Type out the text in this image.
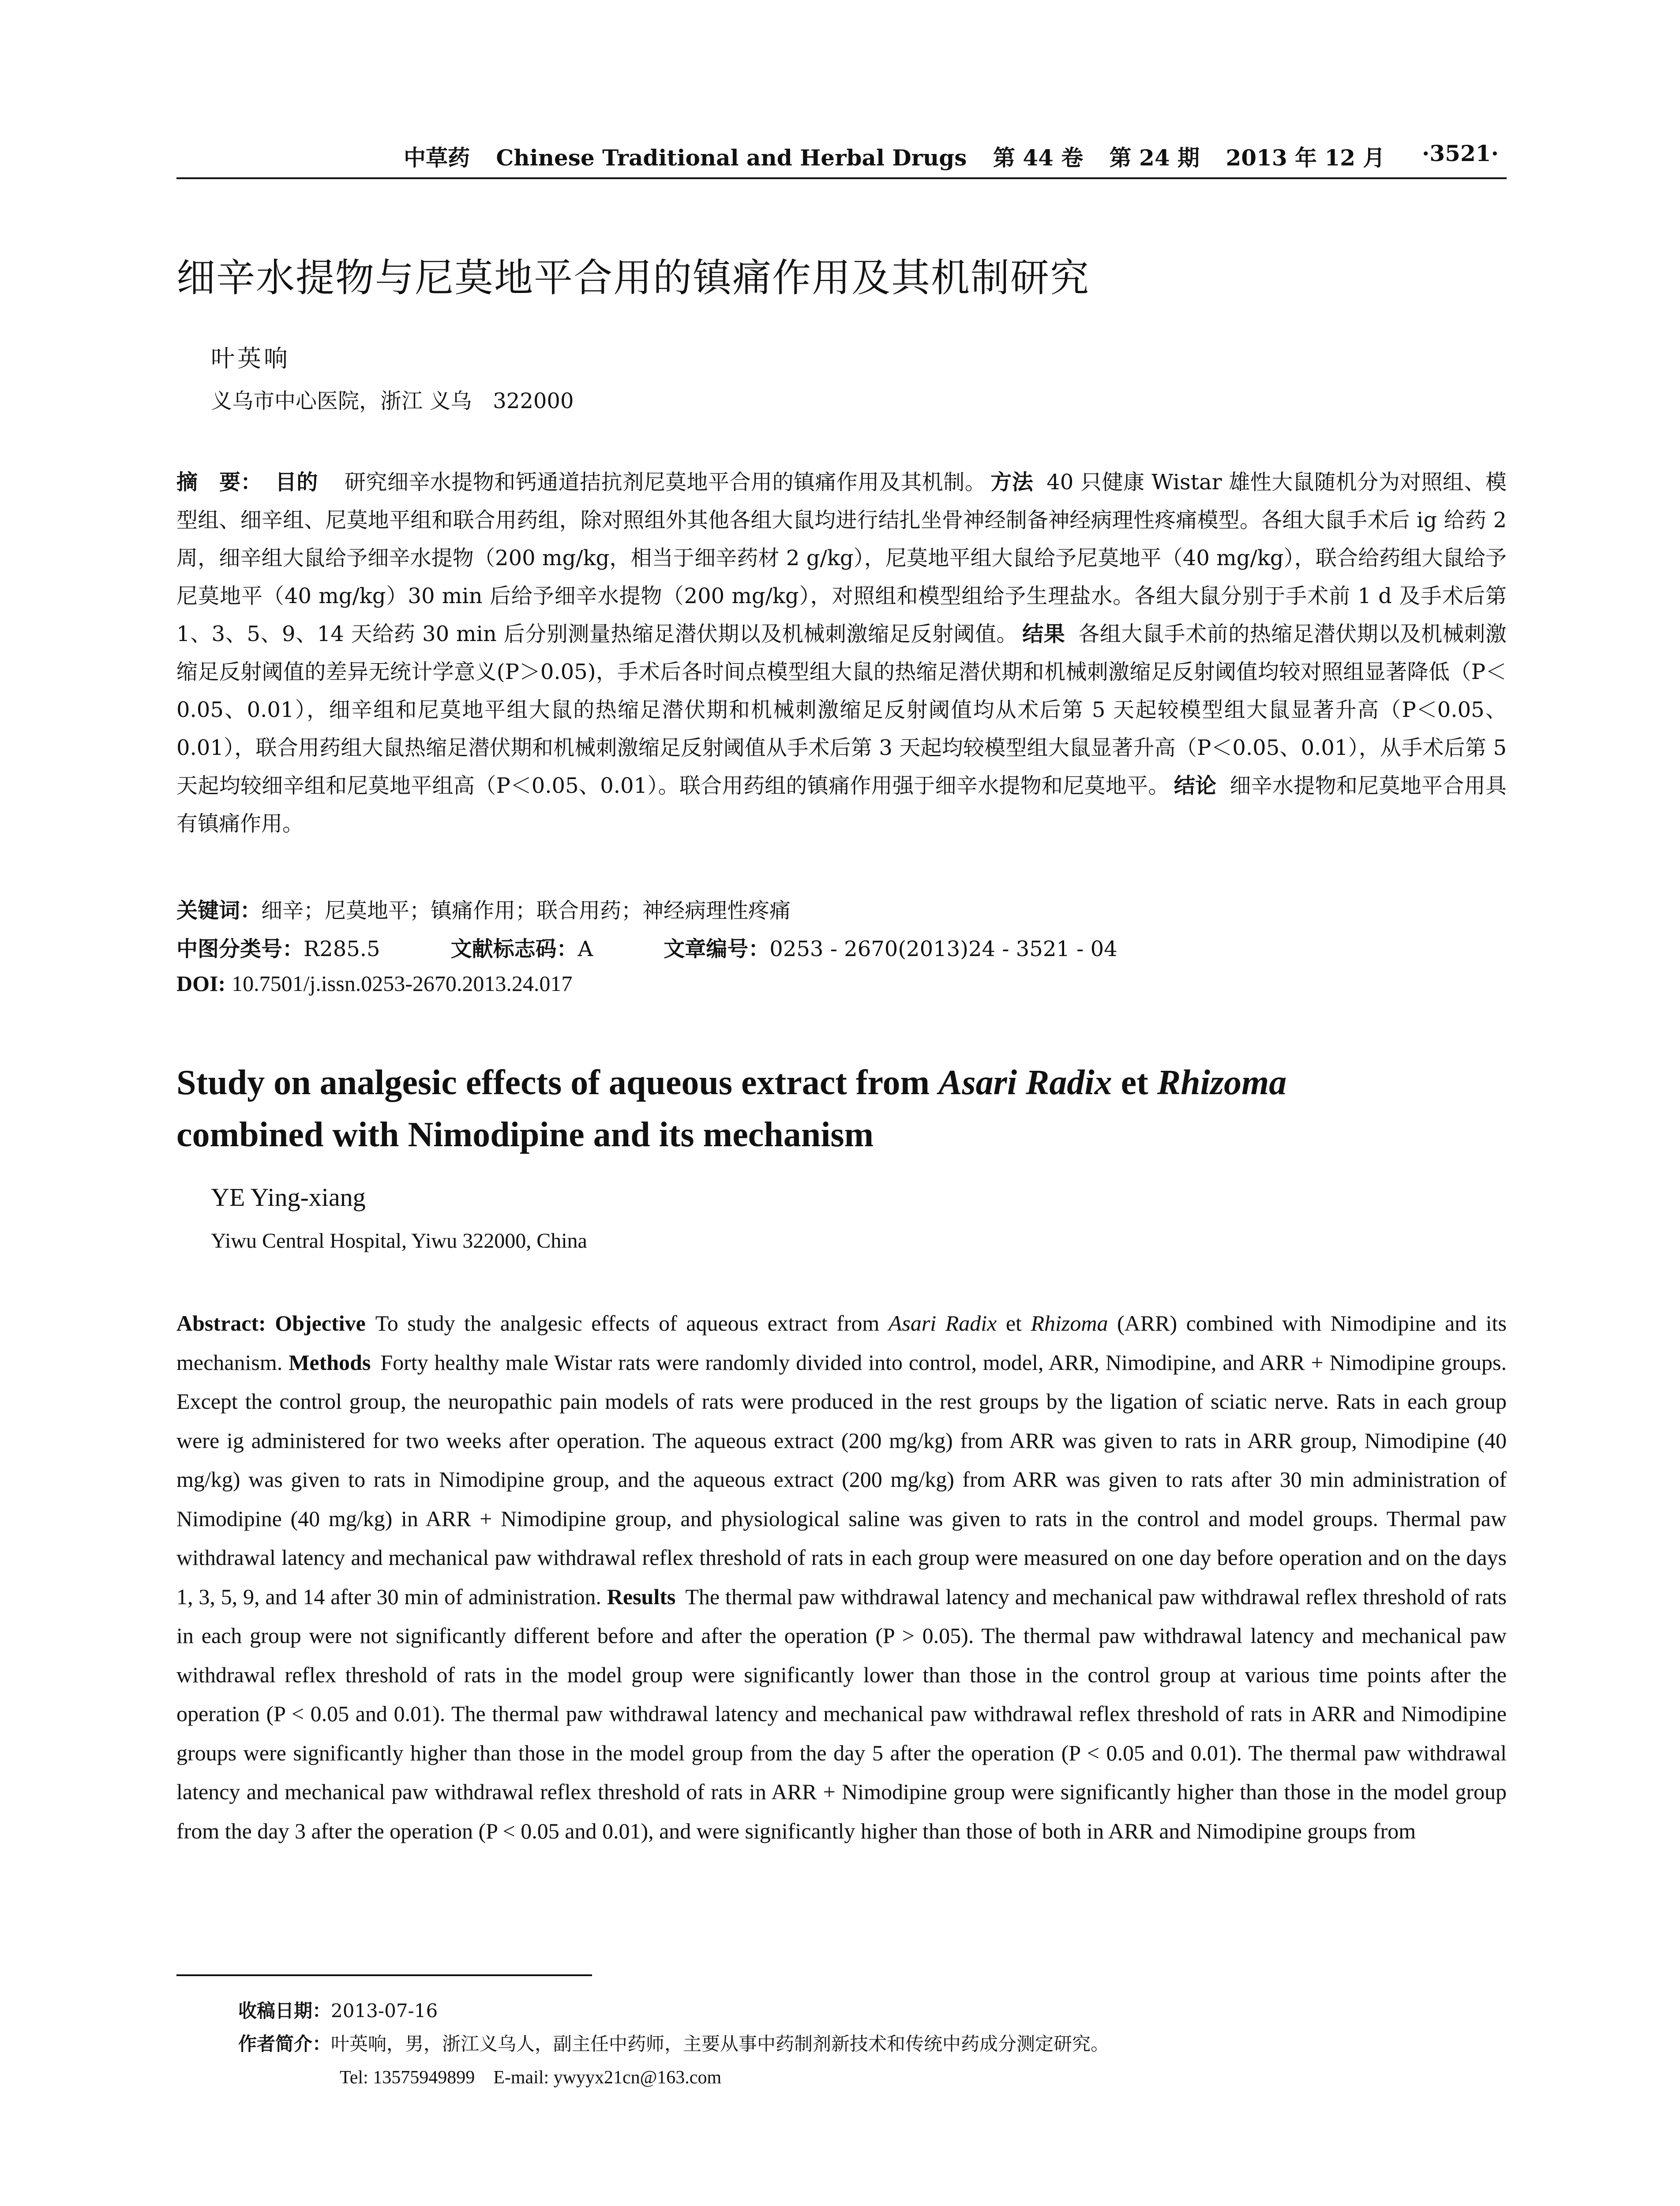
中草药 Chinese Traditional and Herbal Drugs 第 44 卷 第 24 期 2013 年 12 月	·3521·
细辛水提物与尼莫地平合用的镇痛作用及其机制研究
叶英响
义乌市中心医院，浙江 义乌　322000
摘　要： 目的 研究细辛水提物和钙通道拮抗剂尼莫地平合用的镇痛作用及其机制。 方法 40 只健康 Wistar 雄性大鼠随机分为对照组、模型组、细辛组、尼莫地平组和联合用药组，除对照组外其他各组大鼠均进行结扎坐骨神经制备神经病理性疼痛模型。各组大鼠手术后 ig 给药 2 周，细辛组大鼠给予细辛水提物（200 mg/kg，相当于细辛药材 2 g/kg），尼莫地平组大鼠给予尼莫地平（40 mg/kg），联合给药组大鼠给予尼莫地平（40 mg/kg）30 min 后给予细辛水提物（200 mg/kg），对照组和模型组给予生理盐水。各组大鼠分别于手术前 1 d 及手术后第 1、3、5、9、14 天给药 30 min 后分别测量热缩足潜伏期以及机械刺激缩足反射阈值。 结果 各组大鼠手术前的热缩足潜伏期以及机械刺激缩足反射阈值的差异无统计学意义(P＞0.05)，手术后各时间点模型组大鼠的热缩足潜伏期和机械刺激缩足反射阈值均较对照组显著降低（P＜0.05、0.01），细辛组和尼莫地平组大鼠的热缩足潜伏期和机械刺激缩足反射阈值均从术后第 5 天起较模型组大鼠显著升高（P＜0.05、0.01），联合用药组大鼠热缩足潜伏期和机械刺激缩足反射阈值从手术后第 3 天起均较模型组大鼠显著升高（P＜0.05、0.01），从手术后第 5 天起均较细辛组和尼莫地平组高（P＜0.05、0.01）。联合用药组的镇痛作用强于细辛水提物和尼莫地平。 结论 细辛水提物和尼莫地平合用具有镇痛作用。
关键词：细辛；尼莫地平；镇痛作用；联合用药；神经病理性疼痛
中图分类号：R285.5	文献标志码：A	文章编号：0253 - 2670(2013)24 - 3521 - 04
DOI: 10.7501/j.issn.0253-2670.2013.24.017
Study on analgesic effects of aqueous extract from Asari Radix et Rhizoma
combined with Nimodipine and its mechanism
YE Ying-xiang
Yiwu Central Hospital, Yiwu 322000, China
Abstract: Objective To study the analgesic effects of aqueous extract from Asari Radix et Rhizoma (ARR) combined with Nimodipine and its mechanism. Methods Forty healthy male Wistar rats were randomly divided into control, model, ARR, Nimodipine, and ARR + Nimodipine groups. Except the control group, the neuropathic pain models of rats were produced in the rest groups by the ligation of sciatic nerve. Rats in each group were ig administered for two weeks after operation. The aqueous extract (200 mg/kg) from ARR was given to rats in ARR group, Nimodipine (40 mg/kg) was given to rats in Nimodipine group, and the aqueous extract (200 mg/kg) from ARR was given to rats after 30 min administration of Nimodipine (40 mg/kg) in ARR + Nimodipine group, and physiological saline was given to rats in the control and model groups. Thermal paw withdrawal latency and mechanical paw withdrawal reflex threshold of rats in each group were measured on one day before operation and on the days 1, 3, 5, 9, and 14 after 30 min of administration. Results The thermal paw withdrawal latency and mechanical paw withdrawal reflex threshold of rats in each group were not significantly different before and after the operation (P > 0.05). The thermal paw withdrawal latency and mechanical paw withdrawal reflex threshold of rats in the model group were significantly lower than those in the control group at various time points after the operation (P < 0.05 and 0.01). The thermal paw withdrawal latency and mechanical paw withdrawal reflex threshold of rats in ARR and Nimodipine groups were significantly higher than those in the model group from the day 5 after the operation (P < 0.05 and 0.01). The thermal paw withdrawal latency and mechanical paw withdrawal reflex threshold of rats in ARR + Nimodipine group were significantly higher than those in the model group from the day 3 after the operation (P < 0.05 and 0.01), and were significantly higher than those of both in ARR and Nimodipine groups from
收稿日期：2013-07-16
作者简介：叶英响，男，浙江义乌人，副主任中药师，主要从事中药制剂新技术和传统中药成分测定研究。
Tel: 13575949899　E-mail: ywyyx21cn@163.com
